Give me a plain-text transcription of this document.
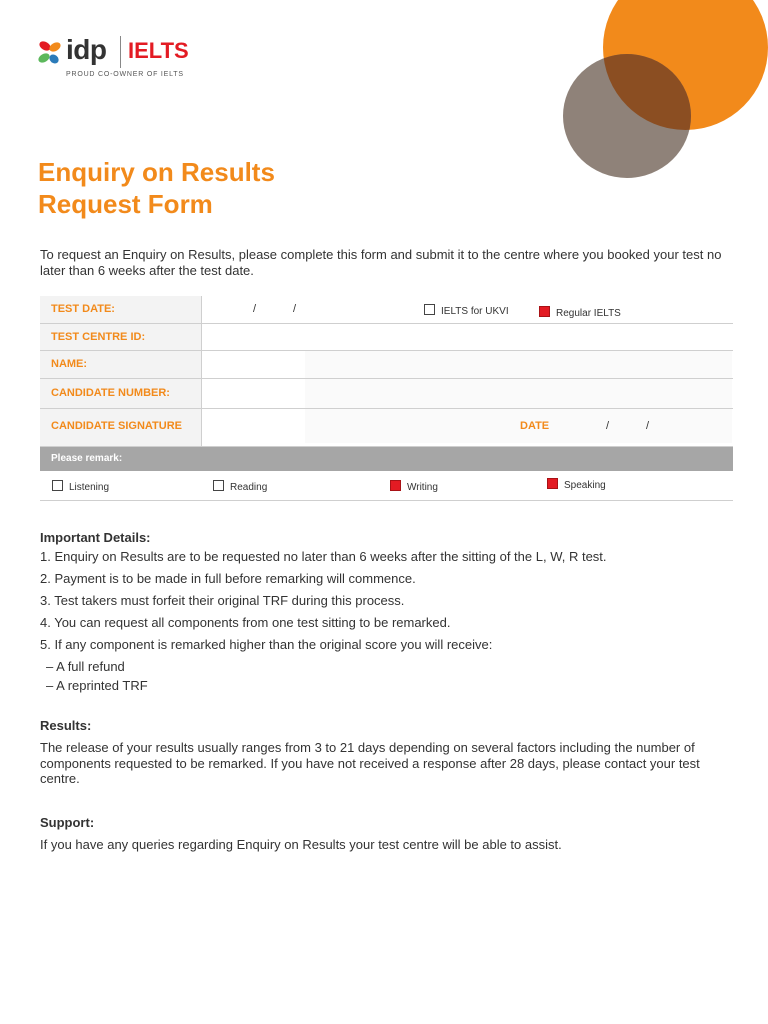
idp IELTS
PROUD CO-OWNER OF IELTS
Enquiry on Results
Request Form
To request an Enquiry on Results, please complete this form and submit it to the centre where you booked your test no later than 6 weeks after the test date.
TEST DATE:	/	/	IELTS for UKVI	Regular IELTS
TEST CENTRE ID:
NAME:
CANDIDATE NUMBER:
CANDIDATE SIGNATURE	DATE	/	/
Please remark:
Listening	Reading	Writing	Speaking
Important Details:
1. Enquiry on Results are to be requested no later than 6 weeks after the sitting of the L, W, R test.
2. Payment is to be made in full before remarking will commence.
3. Test takers must forfeit their original TRF during this process.
4. You can request all components from one test sitting to be remarked.
5. If any component is remarked higher than the original score you will receive:
– A full refund
– A reprinted TRF
Results:
The release of your results usually ranges from 3 to 21 days depending on several factors including the number of components requested to be remarked. If you have not received a response after 28 days, please contact your test centre.
Support:
If you have any queries regarding Enquiry on Results your test centre will be able to assist.
